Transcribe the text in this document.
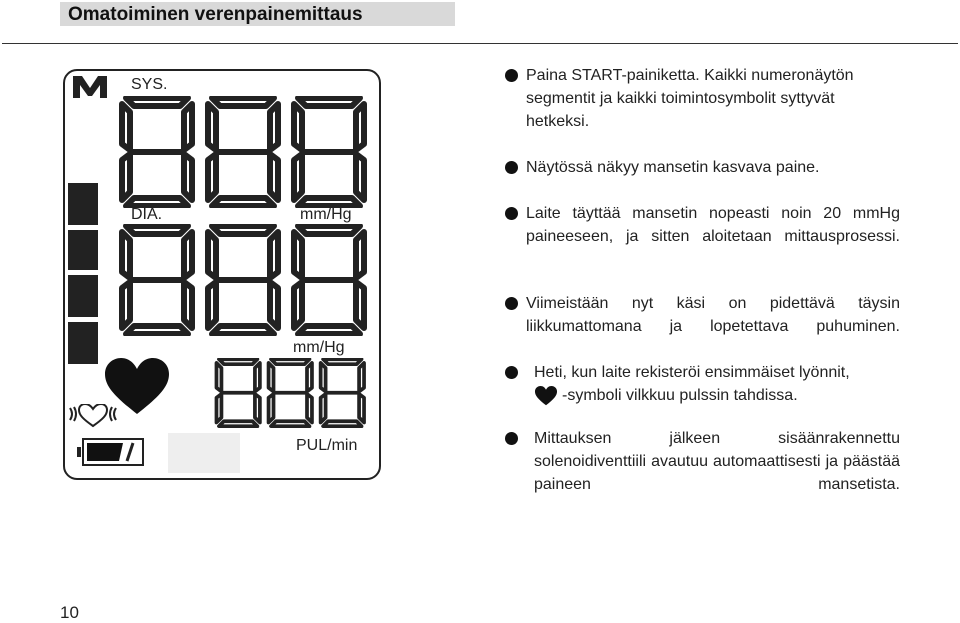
Omatoiminen verenpainemittaus
SYS.
DIA.	mm/Hg
mm/Hg
PUL/min
Paina START-painiketta. Kaikki numeronäytön segmentit ja kaikki toimintosymbolit syttyvät hetkeksi.
Näytössä näkyy mansetin kasvava paine.
Laite täyttää mansetin nopeasti noin 20 mmHg paineeseen, ja sitten aloitetaan mittausprosessi.
Viimeistään nyt käsi on pidettävä täysin liikkumattomana ja lopetettava puhuminen.
Heti, kun laite rekisteröi ensimmäiset lyönnit,
-symboli vilkkuu pulssin tahdissa.
Mittauksen jälkeen sisäänrakennettu solenoidiventtiili avautuu automaattisesti ja päästää paineen mansetista.
10
